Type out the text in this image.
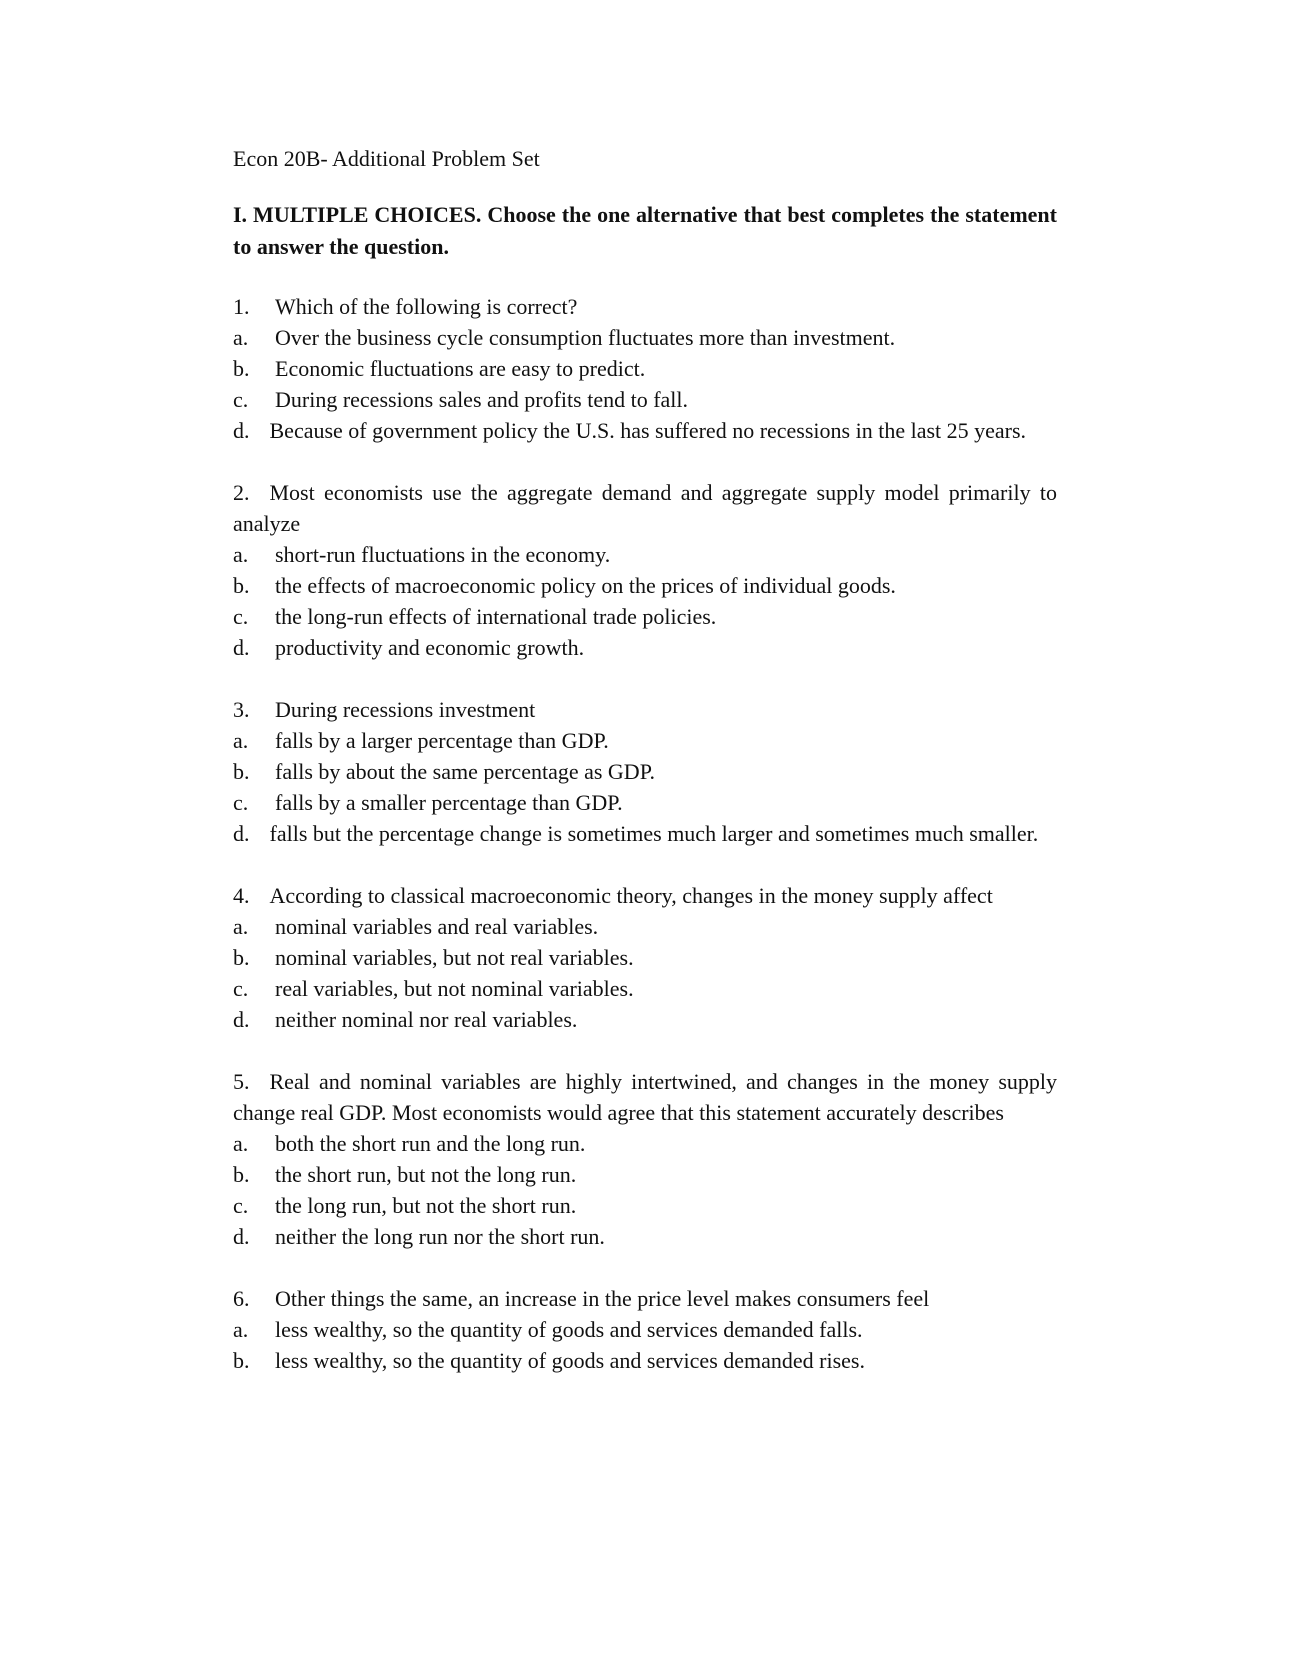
Econ 20B- Additional Problem Set
I. MULTIPLE CHOICES. Choose the one alternative that best completes the statement to answer the question.
1. Which of the following is correct?
a. Over the business cycle consumption fluctuates more than investment.
b. Economic fluctuations are easy to predict.
c. During recessions sales and profits tend to fall.
d. Because of government policy the U.S. has suffered no recessions in the last 25 years.
2. Most economists use the aggregate demand and aggregate supply model primarily to analyze
a. short-run fluctuations in the economy.
b. the effects of macroeconomic policy on the prices of individual goods.
c. the long-run effects of international trade policies.
d. productivity and economic growth.
3. During recessions investment
a. falls by a larger percentage than GDP.
b. falls by about the same percentage as GDP.
c. falls by a smaller percentage than GDP.
d. falls but the percentage change is sometimes much larger and sometimes much smaller.
4. According to classical macroeconomic theory, changes in the money supply affect
a. nominal variables and real variables.
b. nominal variables, but not real variables.
c. real variables, but not nominal variables.
d. neither nominal nor real variables.
5. Real and nominal variables are highly intertwined, and changes in the money supply change real GDP. Most economists would agree that this statement accurately describes
a. both the short run and the long run.
b. the short run, but not the long run.
c. the long run, but not the short run.
d. neither the long run nor the short run.
6. Other things the same, an increase in the price level makes consumers feel
a. less wealthy, so the quantity of goods and services demanded falls.
b. less wealthy, so the quantity of goods and services demanded rises.
